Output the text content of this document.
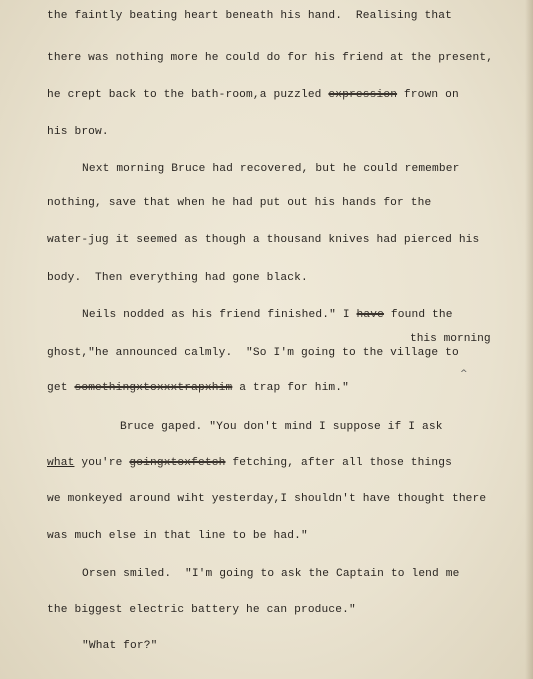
the faintly beating heart beneath his hand.  Realising that
there was nothing more he could do for his friend at the present,
he crept back to the bath-room,a puzzled expression frown on
his brow.
Next morning Bruce had recovered, but he could remember
nothing, save that when he had put out his hands for the
water-jug it seemed as though a thousand knives had pierced his
body.  Then everything had gone black.
Neils nodded as his friend finished." I have found the
ghost,"he announced calmly.  "So I'm going to the village to
get somethingxtoxxxtrapxhim a trap for him."
Bruce gaped. "You don't mind I suppose if I ask
what you're goingxtoxfetch fetching, after all those things
we monkeyed around wiht yesterday,I shouldn't have thought there
was much else in that line to be had."
Orsen smiled.  "I'm going to ask the Captain to lend me
the biggest electric battery he can produce."
"What for?"
this morning
^
